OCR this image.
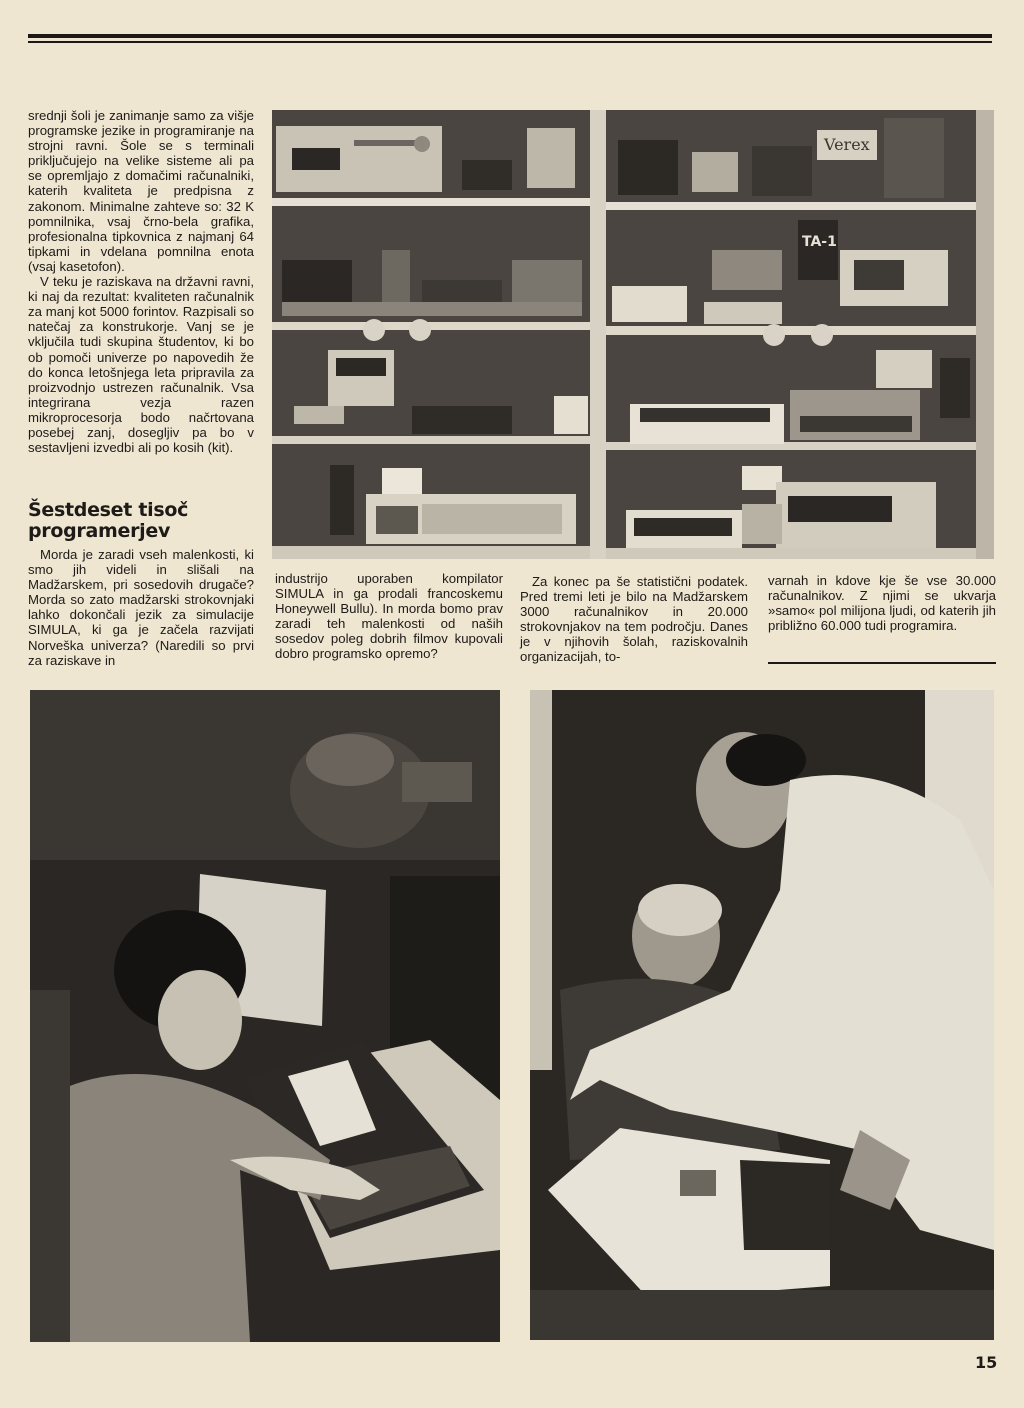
srednji šoli je zanimanje samo za višje programske jezike in programiranje na strojni ravni. Šole se s terminali priključujejo na velike sisteme ali pa se opremljajo z domačimi računalniki, katerih kvaliteta je predpisna z zakonom. Minimalne zahteve so: 32 K pomnilnika, vsaj črno-bela grafika, profesionalna tipkovnica z najmanj 64 tipkami in vdelana pomnilna enota (vsaj kasetofon).

V teku je raziskava na državni ravni, ki naj da rezultat: kvaliteten računalnik za manj kot 5000 forintov. Razpisali so natečaj za konstrukorje. Vanj se je vključila tudi skupina študentov, ki bo ob pomoči univerze po napovedih že do konca letošnjega leta pripravila za proizvodnjo ustrezen računalnik. Vsa integrirana vezja razen mikroprocesorja bodo načrtovana posebej zanj, dosegljiv pa bo v sestavljeni izvedbi ali po kosih (kit).

Šestdeset tisoč programerjev

Morda je zaradi vseh malenkosti, ki smo jih videli in slišali na Madžarskem, pri sosedovih drugače? Morda so zato madžarski strokovnjaki lahko dokončali jezik za simulacije SIMULA, ki ga je začela razvijati Norveška univerza? (Naredili so prvi za raziskave in

Verex
TA-1

industrijo uporaben kompilator SIMULA in ga prodali francoskemu Honeywell Bullu). In morda bomo prav zaradi teh malenkosti od naših sosedov poleg dobrih filmov kupovali dobro programsko opremo?

Za konec pa še statistični podatek. Pred tremi leti je bilo na Madžarskem 3000 računalnikov in 20.000 strokovnjakov na tem področju. Danes je v njihovih šolah, raziskovalnih organizacijah, to-

varnah in kdove kje še vse 30.000 računalnikov. Z njimi se ukvarja »samo« pol milijona ljudi, od katerih jih približno 60.000 tudi programira.

15
